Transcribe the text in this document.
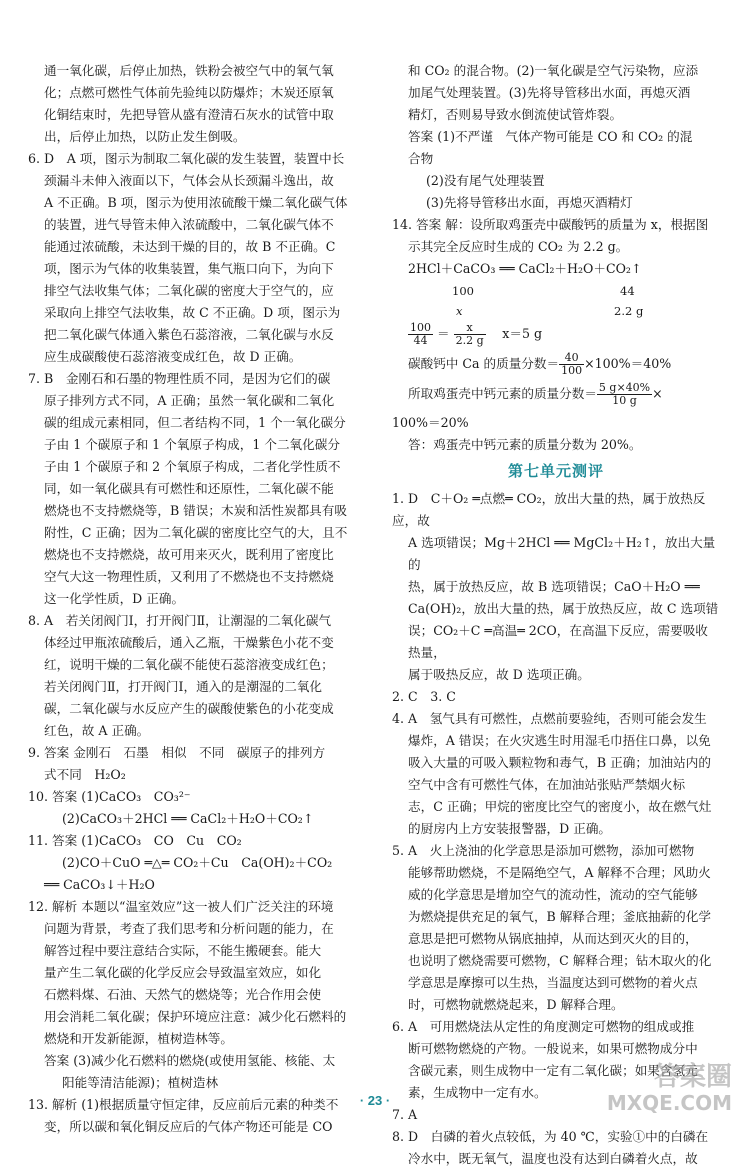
通一氧化碳，后停止加热，铁粉会被空气中的氧气氧

化；点燃可燃性气体前先验纯以防爆炸；木炭还原氧

化铜结束时，先把导管从盛有澄清石灰水的试管中取

出，后停止加热，以防止发生倒吸。

6. D　A 项，图示为制取二氧化碳的发生装置，装置中长

颈漏斗未伸入液面以下，气体会从长颈漏斗逸出，故

A 不正确。B 项，图示为使用浓硫酸干燥二氧化碳气体

的装置，进气导管未伸入浓硫酸中，二氧化碳气体不

能通过浓硫酸，未达到干燥的目的，故 B 不正确。C

项，图示为气体的收集装置，集气瓶口向下，为向下

排空气法收集气体；二氧化碳的密度大于空气的，应

采取向上排空气法收集，故 C 不正确。D 项，图示为

把二氧化碳气体通入紫色石蕊溶液，二氧化碳与水反

应生成碳酸使石蕊溶液变成红色，故 D 正确。

7. B　金刚石和石墨的物理性质不同，是因为它们的碳

原子排列方式不同，A 正确；虽然一氧化碳和二氧化

碳的组成元素相同，但二者结构不同，1 个一氧化碳分

子由 1 个碳原子和 1 个氧原子构成，1 个二氧化碳分

子由 1 个碳原子和 2 个氧原子构成，二者化学性质不

同，如一氧化碳具有可燃性和还原性，二氧化碳不能

燃烧也不支持燃烧等，B 错误；木炭和活性炭都具有吸

附性，C 正确；因为二氧化碳的密度比空气的大，且不

燃烧也不支持燃烧，故可用来灭火，既利用了密度比

空气大这一物理性质，又利用了不燃烧也不支持燃烧

这一化学性质，D 正确。

8. A　若关闭阀门Ⅰ，打开阀门Ⅱ，让潮湿的二氧化碳气

体经过甲瓶浓硫酸后，通入乙瓶，干燥紫色小花不变

红，说明干燥的二氧化碳不能使石蕊溶液变成红色；

若关闭阀门Ⅱ，打开阀门Ⅰ，通入的是潮湿的二氧化

碳，二氧化碳与水反应产生的碳酸使紫色的小花变成

红色，故 A 正确。

9. 答案 金刚石　石墨　相似　不同　碳原子的排列方

式不同　H₂O₂

10. 答案 (1)CaCO₃　CO₃²⁻

(2)CaCO₃＋2HCl ══ CaCl₂＋H₂O＋CO₂↑

11. 答案 (1)CaCO₃　CO　Cu　CO₂

(2)CO＋CuO ═△═ CO₂＋Cu　Ca(OH)₂＋CO₂

══ CaCO₃↓＋H₂O

12. 解析 本题以“温室效应”这一被人们广泛关注的环境

问题为背景，考查了我们思考和分析问题的能力，在

解答过程中要注意结合实际，不能生搬硬套。能大

量产生二氧化碳的化学反应会导致温室效应，如化

石燃料煤、石油、天然气的燃烧等；光合作用会使

用会消耗二氧化碳；保护环境应注意：减少化石燃料的

燃烧和开发新能源，植树造林等。

答案 (3)减少化石燃料的燃烧(或使用氢能、核能、太

阳能等清洁能源)；植树造林

13. 解析 (1)根据质量守恒定律，反应前后元素的种类不

变，所以碳和氧化铜反应后的气体产物还可能是 CO

和 CO₂ 的混合物。(2)一氧化碳是空气污染物，应添

加尾气处理装置。(3)先将导管移出水面，再熄灭酒

精灯，否则易导致水倒流使试管炸裂。

答案 (1)不严谨　气体产物可能是 CO 和 CO₂ 的混

合物

(2)没有尾气处理装置

(3)先将导管移出水面，再熄灭酒精灯

14. 答案 解：设所取鸡蛋壳中碳酸钙的质量为 x，根据图

示其完全反应时生成的 CO₂ 为 2.2 g。

2HCl＋CaCO₃ ══ CaCl₂＋H₂O＋CO₂↑

100	44

x	2.2 g

$\frac{100}{44} = \frac{x}{2.2 g}$
　 x＝5 g

碳酸钙中 Ca 的质量分数＝ $\frac{40}{100} \times 100\%=40\%$

所取鸡蛋壳中钙元素的质量分数＝ $\frac{5 g\times 40\%}{10 g}$ ×

100%＝20%

答：鸡蛋壳中钙元素的质量分数为 20%。

第七单元测评

1. D　C＋O₂ ═点燃═ CO₂，放出大量的热，属于放热反应，故

A 选项错误；Mg＋2HCl ══ MgCl₂＋H₂↑，放出大量的

热，属于放热反应，故 B 选项错误；CaO＋H₂O ══

Ca(OH)₂，放出大量的热，属于放热反应，故 C 选项错

误；CO₂＋C ═高温═ 2CO，在高温下反应，需要吸收热量，

属于吸热反应，故 D 选项正确。

2. C　3. C

4. A　氢气具有可燃性，点燃前要验纯，否则可能会发生

爆炸，A 错误；在火灾逃生时用湿毛巾捂住口鼻，以免

吸入大量的可吸入颗粒物和毒气，B 正确；加油站内的

空气中含有可燃性气体，在加油站张贴严禁烟火标

志，C 正确；甲烷的密度比空气的密度小，故在燃气灶

的厨房内上方安装报警器，D 正确。

5. A　火上浇油的化学意思是添加可燃物，添加可燃物

能够帮助燃烧，不是隔绝空气，A 解释不合理；风助火

威的化学意思是增加空气的流动性，流动的空气能够

为燃烧提供充足的氧气，B 解释合理；釜底抽薪的化学

意思是把可燃物从锅底抽掉，从而达到灭火的目的，

也说明了燃烧需要可燃物，C 解释合理；钻木取火的化

学意思是摩擦可以生热，当温度达到可燃物的着火点

时，可燃物就燃烧起来，D 解释合理。

6. A　可用燃烧法从定性的角度测定可燃物的组成或推

断可燃物燃烧的产物。一般说来，如果可燃物成分中

含碳元素，则生成物中一定有二氧化碳；如果含氢元

素，生成物中一定有水。

7. A

8. D　白磷的着火点较低，为 40 ℃，实验①中的白磷在

冷水中，既无氧气，温度也没有达到白磷着火点，故

· 23 ·
答案圈
MXQE.COM
